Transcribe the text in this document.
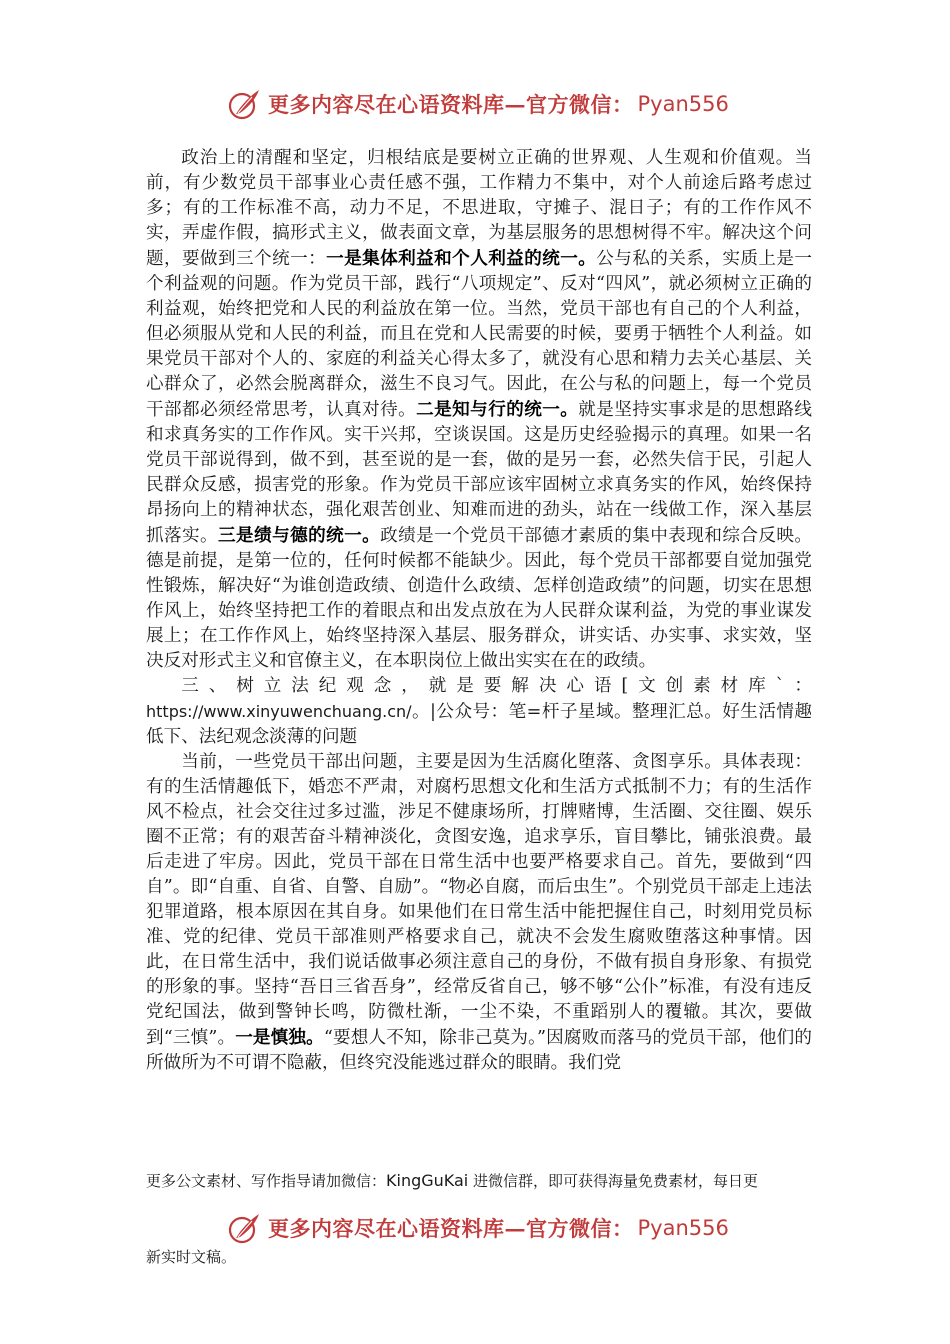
更多内容尽在心语资料库—官方微信： Pyan556

政治上的清醒和坚定，归根结底是要树立正确的世界观、人生观和价值观。当前，有少数党员干部事业心责任感不强，工作精力不集中，对个人前途后路考虑过多；有的工作标准不高，动力不足，不思进取，守摊子、混日子；有的工作作风不实，弄虚作假，搞形式主义，做表面文章，为基层服务的思想树得不牢。解决这个问题，要做到三个统一：一是集体利益和个人利益的统一。公与私的关系，实质上是一个利益观的问题。作为党员干部，践行“八项规定”、反对“四风”，就必须树立正确的利益观，始终把党和人民的利益放在第一位。当然，党员干部也有自己的个人利益，但必须服从党和人民的利益，而且在党和人民需要的时候，要勇于牺牲个人利益。如果党员干部对个人的、家庭的利益关心得太多了，就没有心思和精力去关心基层、关心群众了，必然会脱离群众，滋生不良习气。因此，在公与私的问题上，每一个党员干部都必须经常思考，认真对待。二是知与行的统一。就是坚持实事求是的思想路线和求真务实的工作作风。实干兴邦，空谈误国。这是历史经验揭示的真理。如果一名党员干部说得到，做不到，甚至说的是一套，做的是另一套，必然失信于民，引起人民群众反感，损害党的形象。作为党员干部应该牢固树立求真务实的作风，始终保持昂扬向上的精神状态，强化艰苦创业、知难而进的劲头，站在一线做工作，深入基层抓落实。三是绩与德的统一。政绩是一个党员干部德才素质的集中表现和综合反映。德是前提，是第一位的，任何时候都不能缺少。因此，每个党员干部都要自觉加强党性锻炼，解决好“为谁创造政绩、创造什么政绩、怎样创造政绩”的问题，切实在思想作风上，始终坚持把工作的着眼点和出发点放在为人民群众谋利益，为党的事业谋发展上；在工作作风上，始终坚持深入基层、服务群众，讲实话、办实事、求实效，坚决反对形式主义和官僚主义，在本职岗位上做出实实在在的政绩。

三、树立法纪观念，就是要解决心语[文创素材库`： https://www.xinyuwenchuang.cn/。|公众号：笔=杆子星域。整理汇总。好生活情趣低下、法纪观念淡薄的问题

当前，一些党员干部出问题，主要是因为生活腐化堕落、贪图享乐。具体表现：有的生活情趣低下，婚恋不严肃，对腐朽思想文化和生活方式抵制不力；有的生活作风不检点，社会交往过多过滥，涉足不健康场所，打牌赌博，生活圈、交往圈、娱乐圈不正常；有的艰苦奋斗精神淡化，贪图安逸，追求享乐，盲目攀比，铺张浪费。最后走进了牢房。因此，党员干部在日常生活中也要严格要求自己。首先，要做到“四自”。即“自重、自省、自警、自励”。“物必自腐，而后虫生”。个别党员干部走上违法犯罪道路，根本原因在其自身。如果他们在日常生活中能把握住自己，时刻用党员标准、党的纪律、党员干部准则严格要求自己，就决不会发生腐败堕落这种事情。因此，在日常生活中，我们说话做事必须注意自己的身份，不做有损自身形象、有损党的形象的事。坚持“吾日三省吾身”，经常反省自己，够不够“公仆”标准，有没有违反党纪国法，做到警钟长鸣，防微杜渐，一尘不染，不重蹈别人的覆辙。其次，要做到“三慎”。一是慎独。“要想人不知，除非己莫为。”因腐败而落马的党员干部，他们的所做所为不可谓不隐蔽，但终究没能逃过群众的眼睛。我们党

更多公文素材、写作指导请加微信：KingGuKai 进微信群，即可获得海量免费素材，每日更
更多内容尽在心语资料库—官方微信： Pyan556
新实时文稿。
